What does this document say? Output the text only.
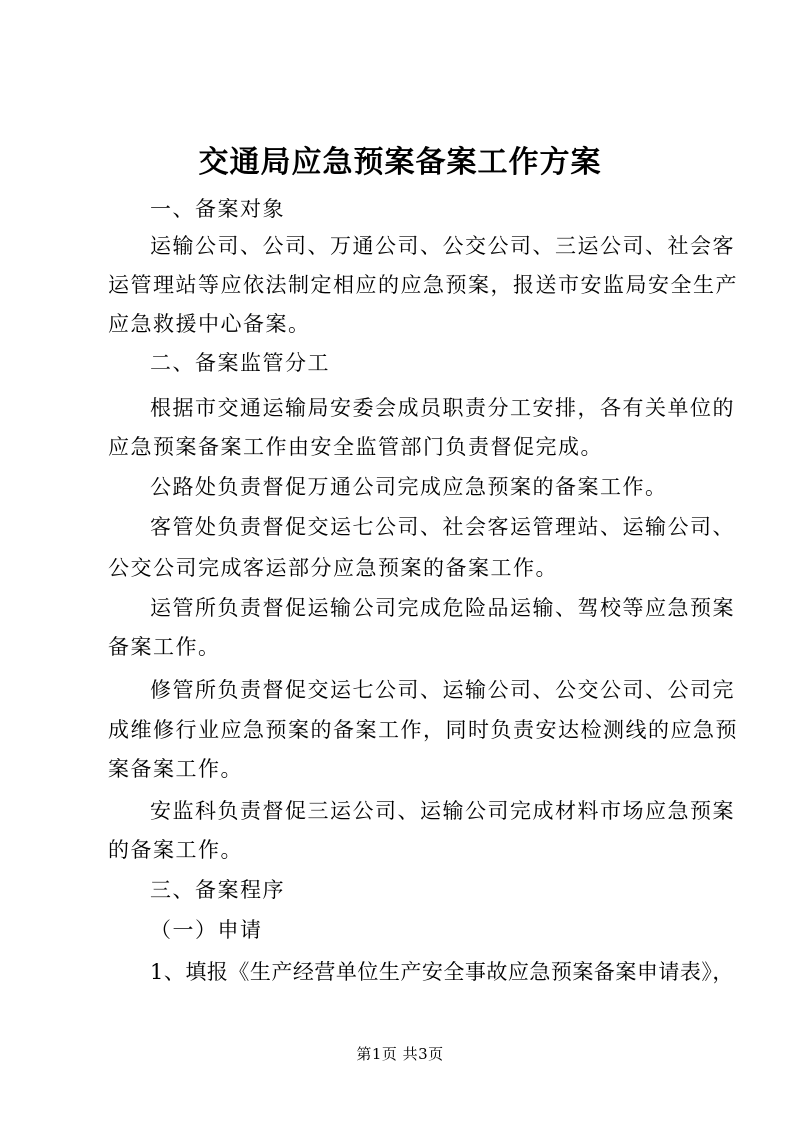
交通局应急预案备案工作方案
一、备案对象
运输公司、公司、万通公司、公交公司、三运公司、社会客
运管理站等应依法制定相应的应急预案，报送市安监局安全生产
应急救援中心备案。
二、备案监管分工
根据市交通运输局安委会成员职责分工安排，各有关单位的
应急预案备案工作由安全监管部门负责督促完成。
公路处负责督促万通公司完成应急预案的备案工作。
客管处负责督促交运七公司、社会客运管理站、运输公司、
公交公司完成客运部分应急预案的备案工作。
运管所负责督促运输公司完成危险品运输、驾校等应急预案
备案工作。
修管所负责督促交运七公司、运输公司、公交公司、公司完
成维修行业应急预案的备案工作，同时负责安达检测线的应急预
案备案工作。
安监科负责督促三运公司、运输公司完成材料市场应急预案
的备案工作。
三、备案程序
（一）申请
1、填报《生产经营单位生产安全事故应急预案备案申请表》，
第1页 共3页
